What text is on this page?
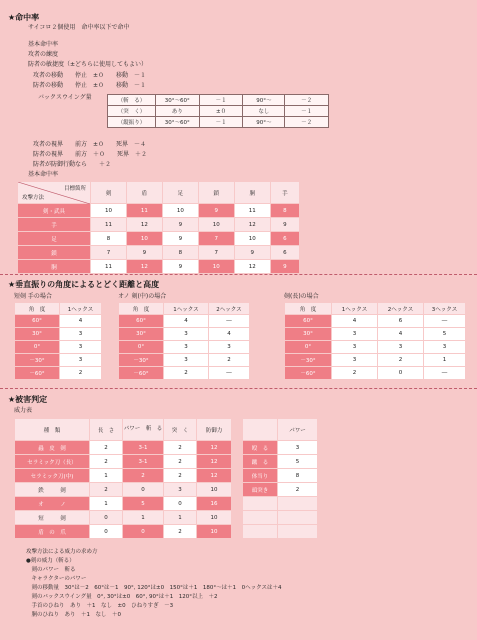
★命中率
サイコロ２個使用　命中率以下で命中
基本命中率
攻者の練度
防者の敏捷度（±どちらに使用してもよい）
攻者の移動　　停止　±０　　移動　－１
防者の移動　　停止　±０　　移動　－１
バックスウイング量	（斬　る）	30°～60°	－１	90°～	－２
（突　く）	あり	±０	なし	－１
（縦振り）	30°～60°	－１	90°～	－２
攻者の視界　　前方　±０　　死界　－４
防者の視界　　前方　＋０　　死界　＋２
防者が防御行動なら　　＋２
基本命中率
目標箇所
攻撃方法	剣	盾	足	鎖	胴	手
剣・武具	10	11	10	9	11	8
手	11	12	9	10	12	9
足	8	10	9	7	10	6
鎖	7	9	8	7	9	6
胴	11	12	9	10	12	9
★垂直振りの角度によるとどく距離と高度
短剣 手の場合
角　度	1ヘックス
60°	4
30°	3
0°	3
－30°	3
－60°	2
オノ 剣(中)の場合
角　度	1ヘックス	2ヘックス
60°	4	―
30°	3	4
0°	3	3
－30°	3	2
－60°	2	―
剣(長)の場合
角　度	1ヘックス	2ヘックス	3ヘックス
60°	4	6	―
30°	3	4	5
0°	3	3	3
－30°	3	2	1
－60°	2	0	―
★被害判定
威力表
種　類	長　さ	パワー　斬　る	突　く	防御力
蟲　皮　剣	2	3-1	2	12
セラミック刀（長）	2	3-1	2	12
セラミック刀(中)	1	2	2	12
鉄　　　剣	2	0	3	10
オ　　　ノ	1	5	0	16
短　　　剣	0	1	1	10
盾　の　爪	0	0	2	10
	パワー
殴　る	3
蹴　る	5
体当り	8
頭突き	2

攻撃方法による威力の求め方
●剣の威力（斬る）
　剣のパワー　斬る
　キャラクターのパワー
　剣の移動量　30°は－2　60°は－1　90°, 120°は±0　150°は＋1　180°～は＋1　0ヘックスは＋4
　剣のバックスウイング量　0°, 30°は±0　60°, 90°は＋1　120°以上　＋2
　手首のひねり　あり　＋1　なし　±0　ひねりすぎ　－3
　胴のひねり　あり　＋1　なし　＋0
